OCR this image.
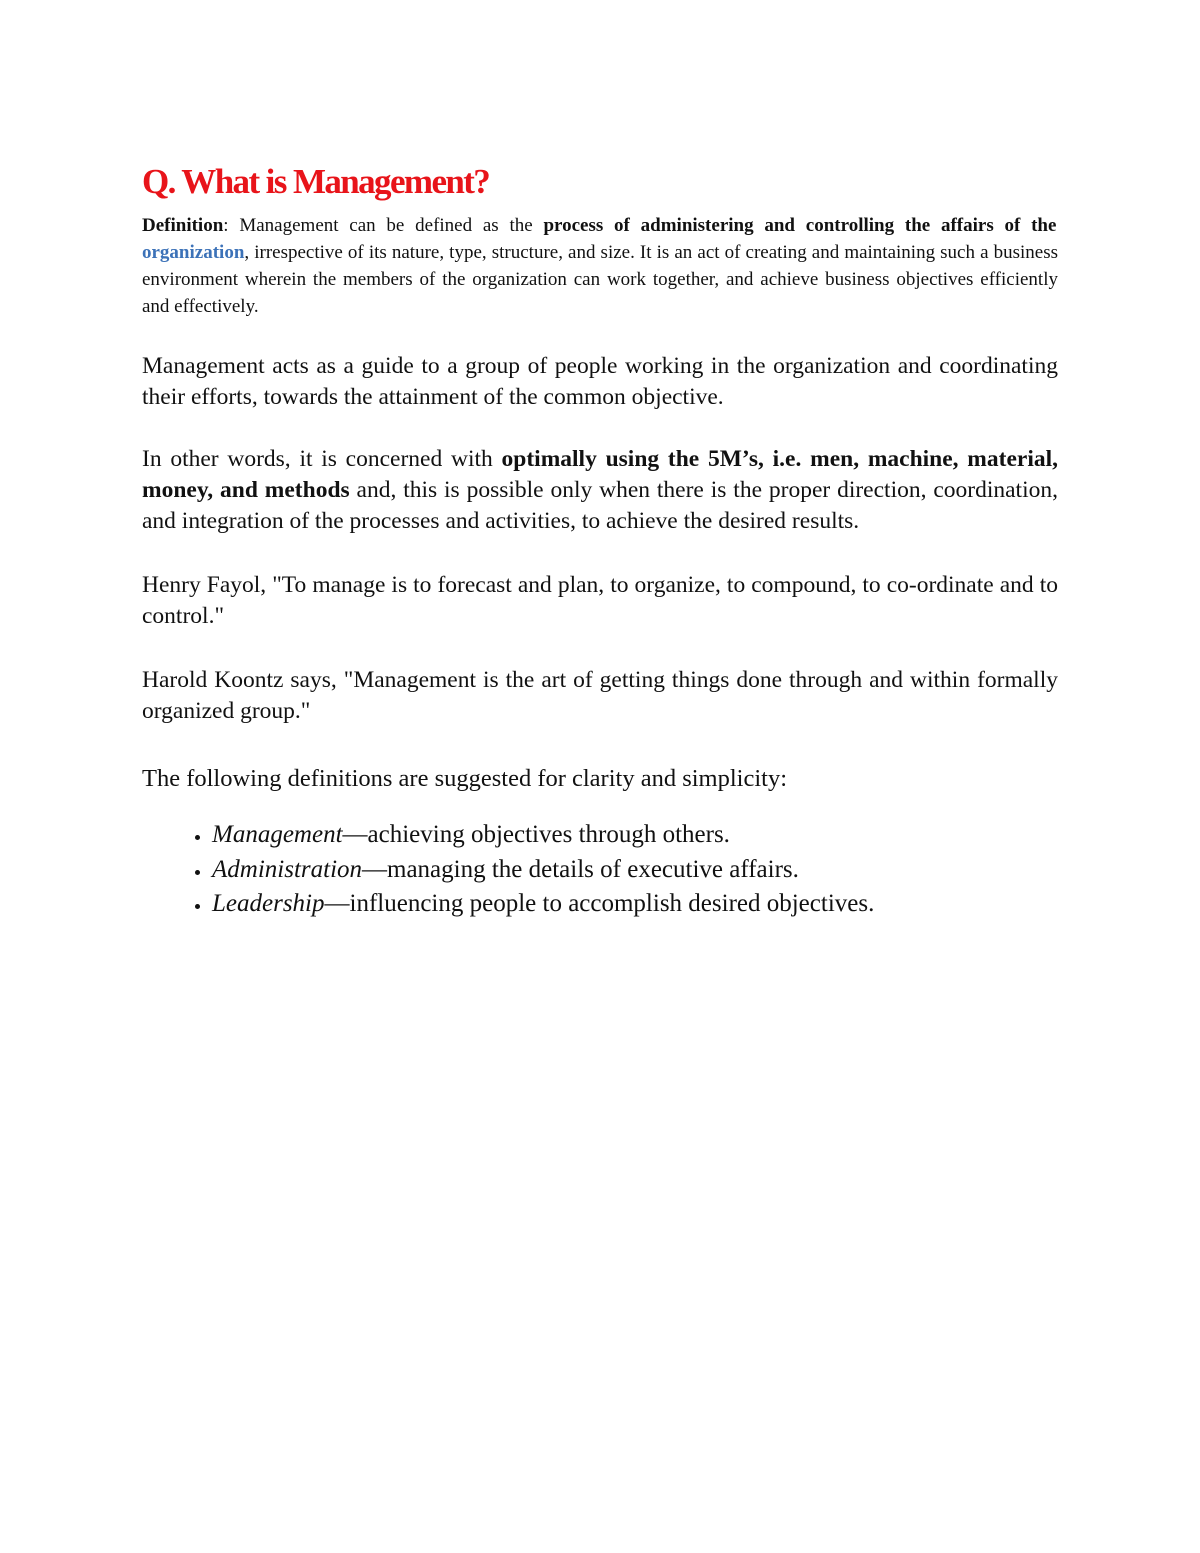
Q. What is Management?

Definition: Management can be defined as the process of administering and controlling the affairs of the organization, irrespective of its nature, type, structure, and size. It is an act of creating and maintaining such a business environment wherein the members of the organization can work together, and achieve business objectives efficiently and effectively.

Management acts as a guide to a group of people working in the organization and coordinating their efforts, towards the attainment of the common objective.

In other words, it is concerned with optimally using the 5M’s, i.e. men, machine, material, money, and methods and, this is possible only when there is the proper direction, coordination, and integration of the processes and activities, to achieve the desired results.

Henry Fayol, "To manage is to forecast and plan, to organize, to compound, to co-ordinate and to control."

Harold Koontz says, "Management is the art of getting things done through and within formally organized group."

The following definitions are suggested for clarity and simplicity:

• Management—achieving objectives through others.
• Administration—managing the details of executive affairs.
• Leadership—influencing people to accomplish desired objectives.
